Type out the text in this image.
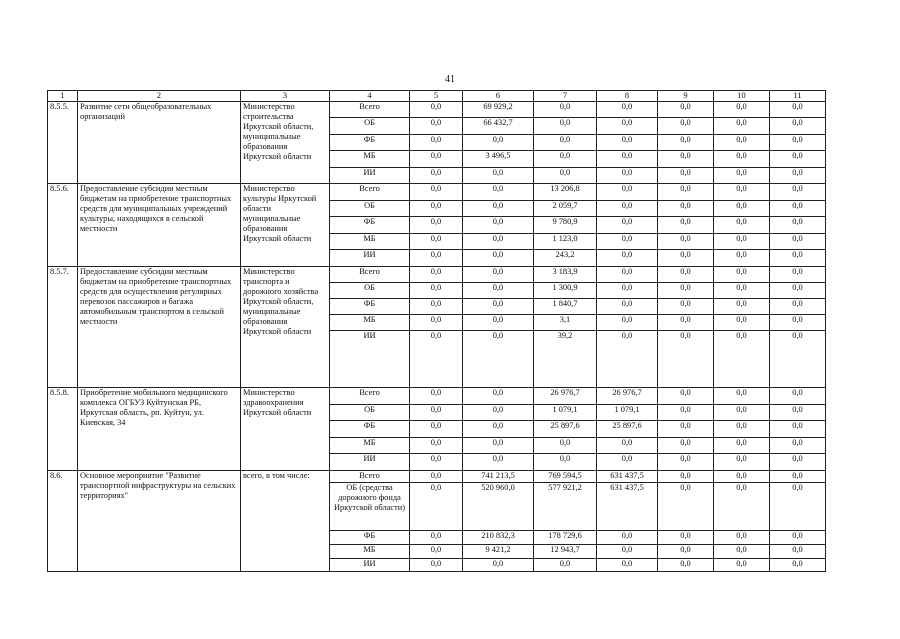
41
1	2	3	4	5	6	7	8	9	10	11
8.5.5.	Развитие сети общеобразовательных организаций	Министерство строительства Иркутской области, муниципальные образования Иркутской области	Всего	0,0	69 929,2	0,0	0,0	0,0	0,0	0,0
			ОБ	0,0	66 432,7	0,0	0,0	0,0	0,0	0,0
			ФБ	0,0	0,0	0,0	0,0	0,0	0,0	0,0
			МБ	0,0	3 496,5	0,0	0,0	0,0	0,0	0,0
			ИИ	0,0	0,0	0,0	0,0	0,0	0,0	0,0
8.5.6.	Предоставление субсидии местным бюджетам на приобретение транспортных средств для муниципальных учреждений культуры, находящихся в сельской местности	Министерство культуры Иркутской области муниципальные образования Иркутской области	Всего	0,0	0,0	13 206,8	0,0	0,0	0,0	0,0
			ОБ	0,0	0,0	2 059,7	0,0	0,0	0,0	0,0
			ФБ	0,0	0,0	9 780,9	0,0	0,0	0,0	0,0
			МБ	0,0	0,0	1 123,0	0,0	0,0	0,0	0,0
			ИИ	0,0	0,0	243,2	0,0	0,0	0,0	0,0
8.5.7.	Предоставление субсидии местным бюджетам на приобретение транспортных средств для осуществления регулярных перевозок пассажиров и багажа автомобильным транспортом в сельской местности	Министерство транспорта и дорожного хозяйства Иркутской области, муниципальные образования Иркутской области	Всего	0,0	0,0	3 183,9	0,0	0,0	0,0	0,0
			ОБ	0,0	0,0	1 300,9	0,0	0,0	0,0	0,0
			ФБ	0,0	0,0	1 840,7	0,0	0,0	0,0	0,0
			МБ	0,0	0,0	3,1	0,0	0,0	0,0	0,0
			ИИ	0,0	0,0	39,2	0,0	0,0	0,0	0,0
8.5.8.	Приобретение мобильного медицинского комплекса ОГБУЗ Куйтунская РБ, Иркутская область, рп. Куйтун, ул. Киевская, 34	Министерство здравоохранения Иркутской области	Всего	0,0	0,0	26 976,7	26 976,7	0,0	0,0	0,0
			ОБ	0,0	0,0	1 079,1	1 079,1	0,0	0,0	0,0
			ФБ	0,0	0,0	25 897,6	25 897,6	0,0	0,0	0,0
			МБ	0,0	0,0	0,0	0,0	0,0	0,0	0,0
			ИИ	0,0	0,0	0,0	0,0	0,0	0,0	0,0
8.6.	Основное мероприятие "Развитие транспортной инфраструктуры на сельских территориях"	всего, в том числе:	Всего	0,0	741 213,5	769 594,5	631 437,5	0,0	0,0	0,0
			ОБ (средства дорожного фонда Иркутской области)	0,0	520 960,0	577 921,2	631 437,5	0,0	0,0	0,0
			ФБ	0,0	210 832,3	178 729,6	0,0	0,0	0,0	0,0
			МБ	0,0	9 421,2	12 943,7	0,0	0,0	0,0	0,0
			ИИ	0,0	0,0	0,0	0,0	0,0	0,0	0,0
